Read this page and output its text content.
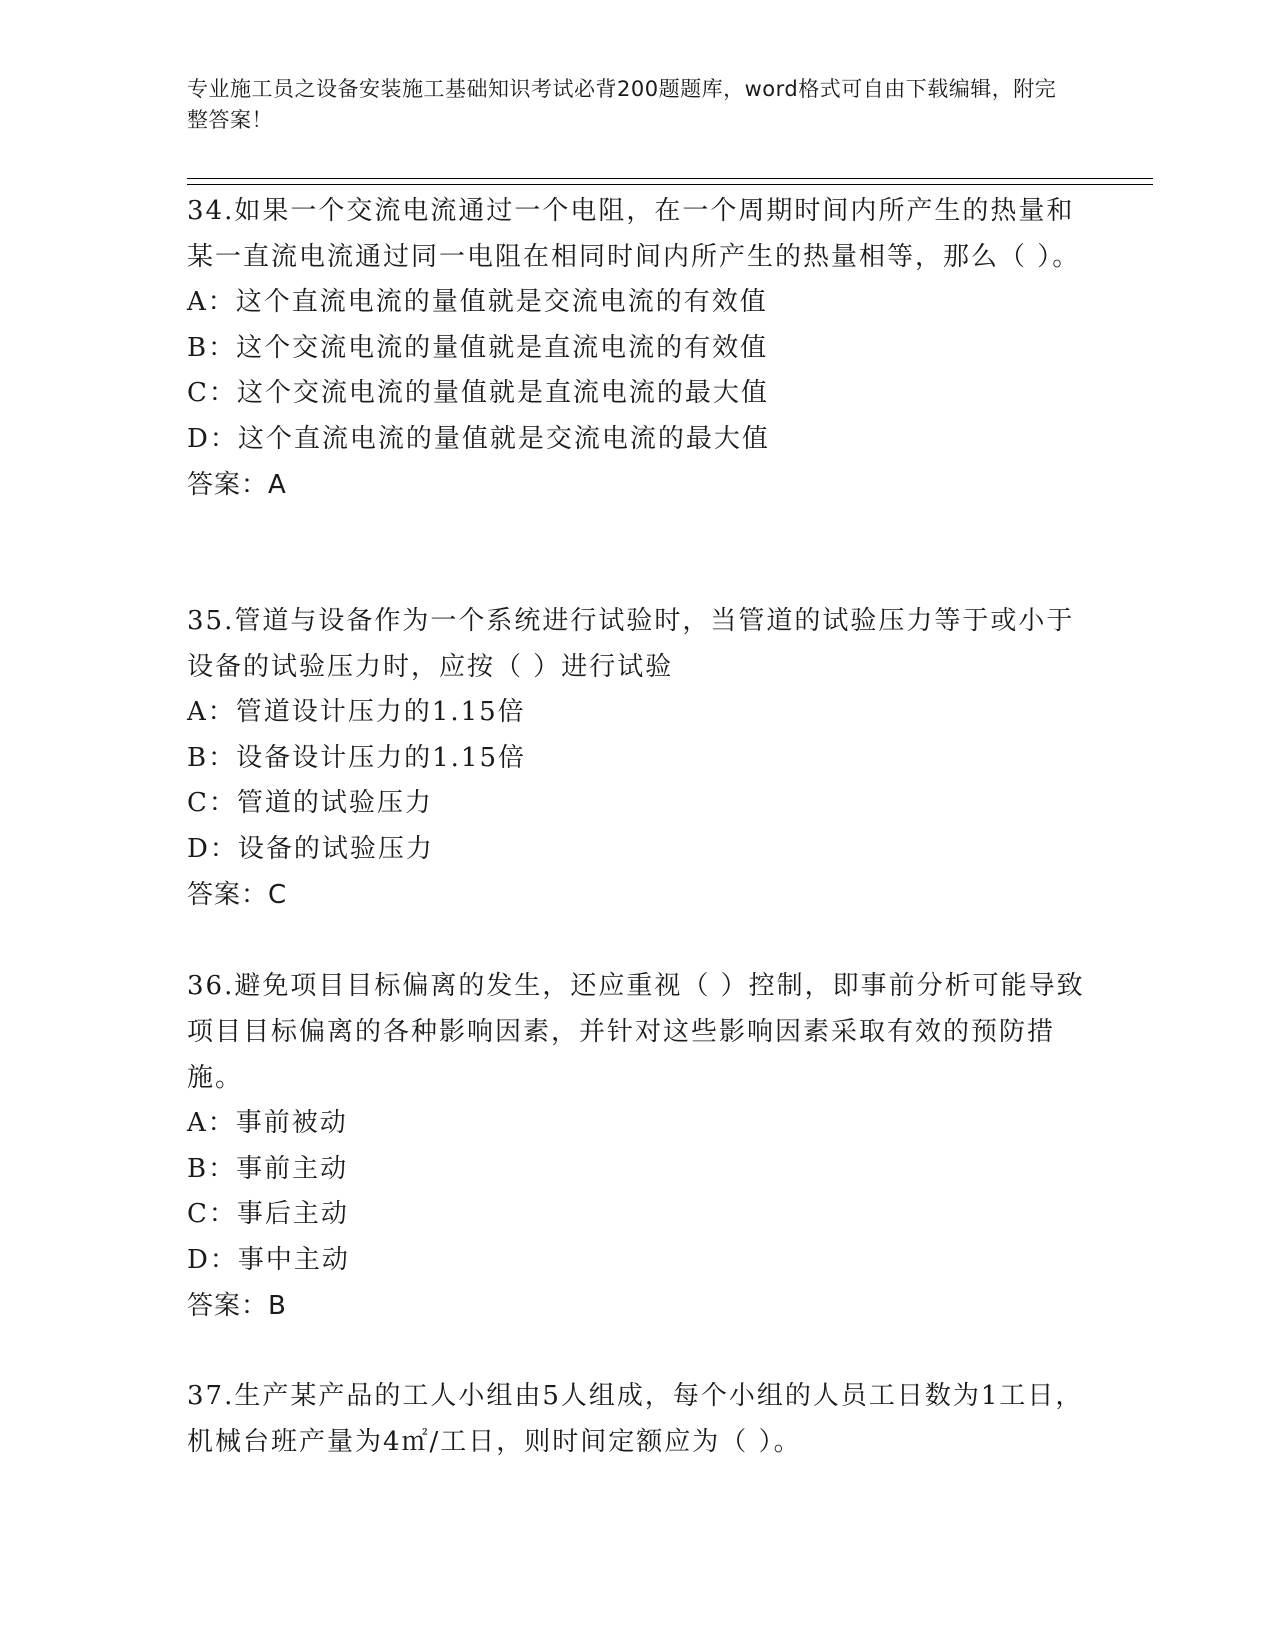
专业施工员之设备安装施工基础知识考试必背200题题库，word格式可自由下载编辑，附完整答案！
34.如果一个交流电流通过一个电阻，在一个周期时间内所产生的热量和某一直流电流通过同一电阻在相同时间内所产生的热量相等，那么（ ）。
A：这个直流电流的量值就是交流电流的有效值
B：这个交流电流的量值就是直流电流的有效值
C：这个交流电流的量值就是直流电流的最大值
D：这个直流电流的量值就是交流电流的最大值
答案：A
35.管道与设备作为一个系统进行试验时，当管道的试验压力等于或小于设备的试验压力时，应按（ ）进行试验
A：管道设计压力的1.15倍
B：设备设计压力的1.15倍
C：管道的试验压力
D：设备的试验压力
答案：C
36.避免项目目标偏离的发生，还应重视（ ）控制，即事前分析可能导致项目目标偏离的各种影响因素，并针对这些影响因素采取有效的预防措施。
A：事前被动
B：事前主动
C：事后主动
D：事中主动
答案：B
37.生产某产品的工人小组由5人组成，每个小组的人员工日数为1工日，机械台班产量为4㎡/工日，则时间定额应为（ ）。
